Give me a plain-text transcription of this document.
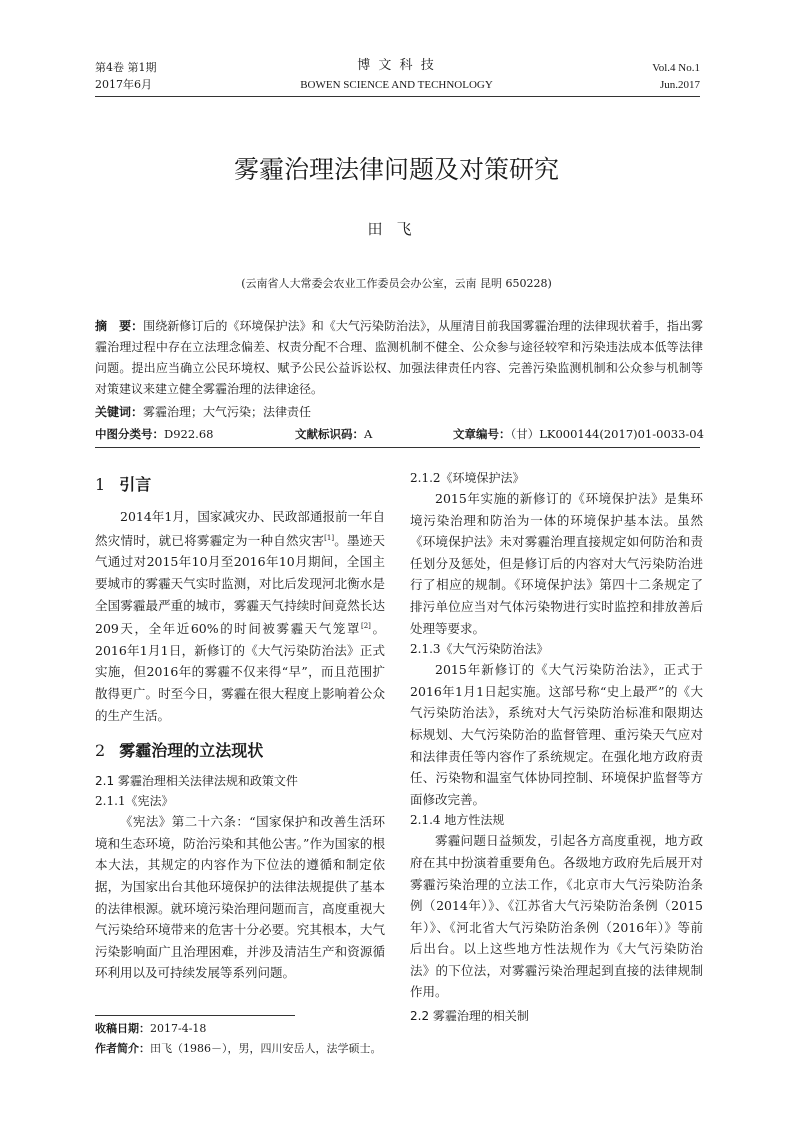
第4卷 第1期
2017年6月
博 文 科 技
BOWEN SCIENCE AND TECHNOLOGY
Vol.4 No.1
Jun.2017
雾霾治理法律问题及对策研究
田飞
(云南省人大常委会农业工作委员会办公室，云南 昆明 650228)
摘　要：围绕新修订后的《环境保护法》和《大气污染防治法》，从厘清目前我国雾霾治理的法律现状着手，指出雾霾治理过程中存在立法理念偏差、权责分配不合理、监测机制不健全、公众参与途径较窄和污染违法成本低等法律问题。提出应当确立公民环境权、赋予公民公益诉讼权、加强法律责任内容、完善污染监测机制和公众参与机制等对策建议来建立健全雾霾治理的法律途径。
关键词：雾霾治理；大气污染；法律责任
中图分类号：D922.68	文献标识码：A	文章编号：（甘）LK000144(2017)01-0033-04
1 引言

2014年1月，国家减灾办、民政部通报前一年自然灾情时，就已将雾霾定为一种自然灾害[1]。墨迹天气通过对2015年10月至2016年10月期间，全国主要城市的雾霾天气实时监测，对比后发现河北衡水是全国雾霾最严重的城市，雾霾天气持续时间竟然长达209天，全年近60%的时间被雾霾天气笼罩[2]。2016年1月1日，新修订的《大气污染防治法》正式实施，但2016年的雾霾不仅来得“早”，而且范围扩散得更广。时至今日，雾霾在很大程度上影响着公众的生产生活。

2 雾霾治理的立法现状
2.1 雾霾治理相关法律法规和政策文件
2.1.1《宪法》

《宪法》第二十六条：“国家保护和改善生活环境和生态环境，防治污染和其他公害。”作为国家的根本大法，其规定的内容作为下位法的遵循和制定依据，为国家出台其他环境保护的法律法规提供了基本的法律根源。就环境污染治理问题而言，高度重视大气污染给环境带来的危害十分必要。究其根本，大气污染影响面广且治理困难，并涉及清洁生产和资源循环利用以及可持续发展等系列问题。

2.1.2《环境保护法》

2015年实施的新修订的《环境保护法》是集环境污染治理和防治为一体的环境保护基本法。虽然《环境保护法》未对雾霾治理直接规定如何防治和责任划分及惩处，但是修订后的内容对大气污染防治进行了相应的规制。《环境保护法》第四十二条规定了排污单位应当对气体污染物进行实时监控和排放善后处理等要求。

2.1.3《大气污染防治法》

2015年新修订的《大气污染防治法》，正式于2016年1月1日起实施。这部号称“史上最严”的《大气污染防治法》，系统对大气污染防治标准和限期达标规划、大气污染防治的监督管理、重污染天气应对和法律责任等内容作了系统规定。在强化地方政府责任、污染物和温室气体协同控制、环境保护监督等方面修改完善。

2.1.4 地方性法规

雾霾问题日益频发，引起各方高度重视，地方政府在其中扮演着重要角色。各级地方政府先后展开对雾霾污染治理的立法工作，《北京市大气污染防治条例（2014年）》、《江苏省大气污染防治条例（2015年）》、《河北省大气污染防治条例（2016年）》等前后出台。以上这些地方性法规作为《大气污染防治法》的下位法，对雾霾污染治理起到直接的法律规制作用。

2.2 雾霾治理的相关制
收稿日期：2017-4-18
作者简介：田飞（1986－），男，四川安岳人，法学硕士。
